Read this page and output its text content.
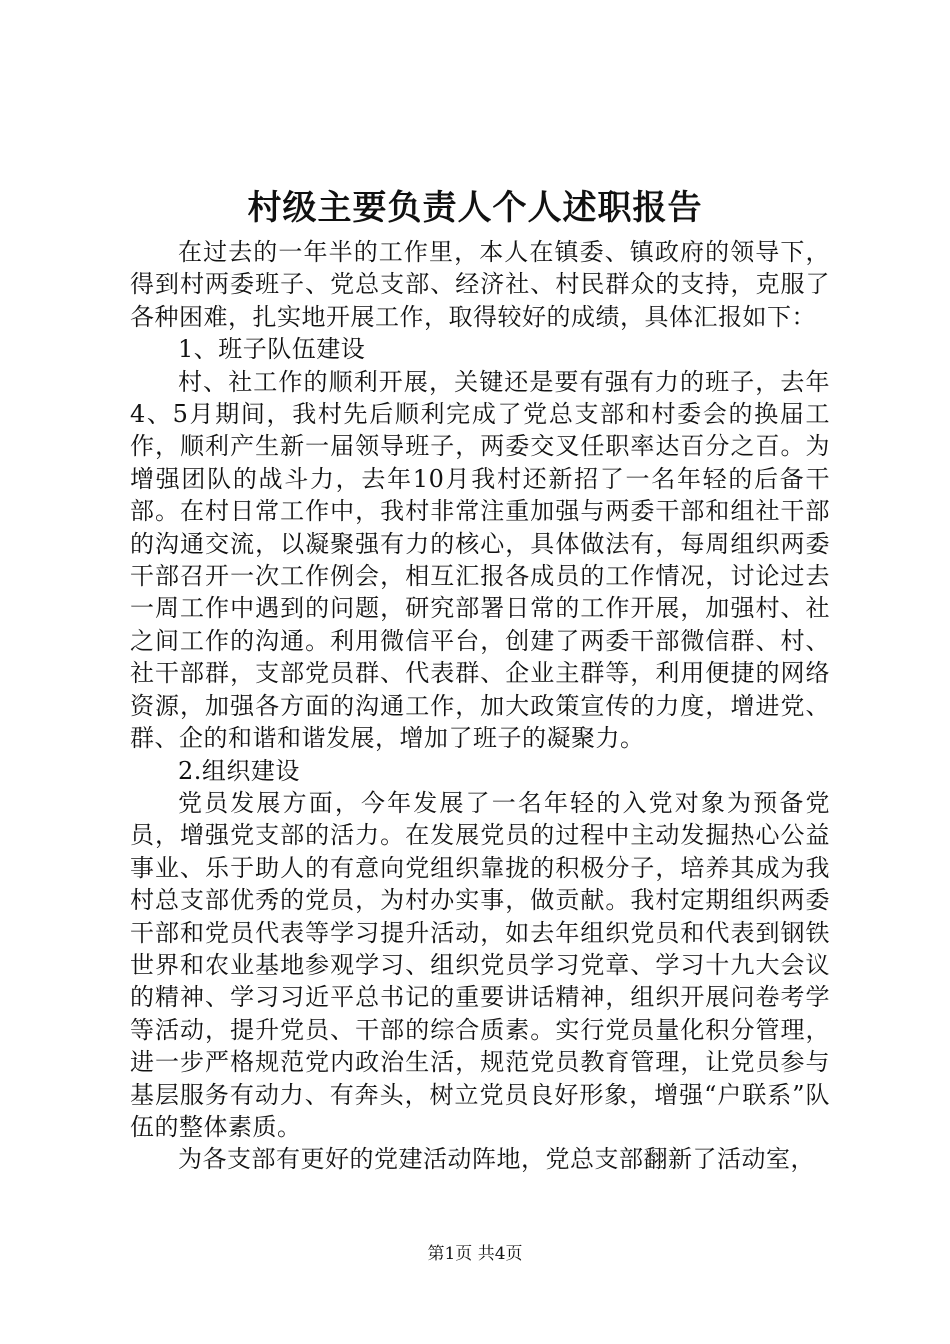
村级主要负责人个人述职报告

在过去的一年半的工作里，本人在镇委、镇政府的领导下，得到村两委班子、党总支部、经济社、村民群众的支持，克服了各种困难，扎实地开展工作，取得较好的成绩，具体汇报如下：

1、班子队伍建设

村、社工作的顺利开展，关键还是要有强有力的班子，去年4、5月期间，我村先后顺利完成了党总支部和村委会的换届工作，顺利产生新一届领导班子，两委交叉任职率达百分之百。为增强团队的战斗力，去年10月我村还新招了一名年轻的后备干部。在村日常工作中，我村非常注重加强与两委干部和组社干部的沟通交流，以凝聚强有力的核心，具体做法有，每周组织两委干部召开一次工作例会，相互汇报各成员的工作情况，讨论过去一周工作中遇到的问题，研究部署日常的工作开展，加强村、社之间工作的沟通。利用微信平台，创建了两委干部微信群、村、社干部群，支部党员群、代表群、企业主群等，利用便捷的网络资源，加强各方面的沟通工作，加大政策宣传的力度，增进党、群、企的和谐和谐发展，增加了班子的凝聚力。

2.组织建设

党员发展方面，今年发展了一名年轻的入党对象为预备党员，增强党支部的活力。在发展党员的过程中主动发掘热心公益事业、乐于助人的有意向党组织靠拢的积极分子，培养其成为我村总支部优秀的党员，为村办实事，做贡献。我村定期组织两委干部和党员代表等学习提升活动，如去年组织党员和代表到钢铁世界和农业基地参观学习、组织党员学习党章、学习十九大会议的精神、学习习近平总书记的重要讲话精神，组织开展问卷考学等活动，提升党员、干部的综合质素。实行党员量化积分管理，进一步严格规范党内政治生活，规范党员教育管理，让党员参与基层服务有动力、有奔头，树立党员良好形象，增强“户联系”队伍的整体素质。

为各支部有更好的党建活动阵地，党总支部翻新了活动室，

第1页 共4页
